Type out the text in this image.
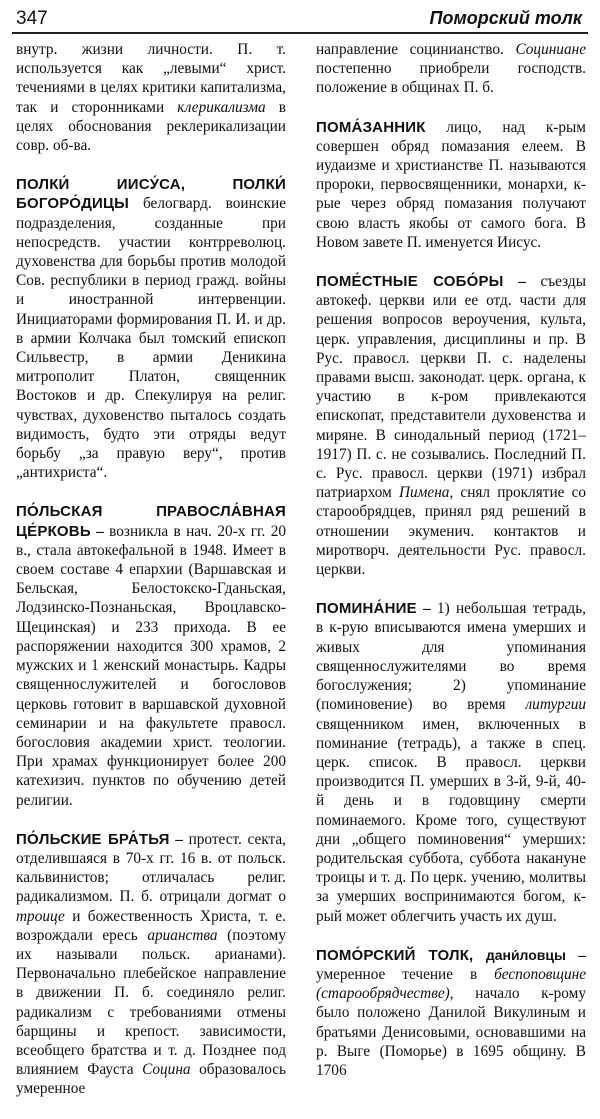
347	Поморский толк

внутр. жизни личности. П. т. используется как „левыми“ христ. течениями в целях критики капитализма, так и сторонниками клерикализма в целях обоснования реклерикализации совр. об-ва.

ПОЛКИ́ ИИСУ́СА, ПОЛКИ́ БОГОРО́ДИЦЫ белогвард. воинские подразделения, созданные при непосредств. участии контрреволюц. духовенства для борьбы против молодой Сов. республики в период гражд. войны и иностранной интервенции. Инициаторами формирования П. И. и др. в армии Колчака был томский епископ Сильвестр, в армии Деникина митрополит Платон, священник Востоков и др. Спекулируя на религ. чувствах, духовенство пыталось создать видимость, будто эти отряды ведут борьбу „за правую веру“, против „антихриста“.
ПО́ЛЬСКАЯ ПРАВОСЛА́ВНАЯ ЦЕ́РКОВЬ – возникла в нач. 20-х гг. 20 в., стала автокефальной в 1948. Имеет в своем составе 4 епархии (Варшавская и Бельская, Белостокско-Гданьская, Лодзинско-Познаньская, Вроцлавско-Щецинская) и 233 прихода. В ее распоряжении находится 300 храмов, 2 мужских и 1 женский монастырь. Кадры священнослужителей и богословов церковь готовит в варшавской духовной семинарии и на факультете правосл. богословия академии христ. теологии. При храмах функционирует более 200 катехизич. пунктов по обучению детей религии.
ПО́ЛЬСКИЕ БРА́ТЬЯ – протест. секта, отделившаяся в 70-х гг. 16 в. от польск. кальвинистов; отличалась религ. радикализмом. П. б. отрицали догмат о троице и божественность Христа, т. е. возрождали ересь арианства (поэтому их называли польск. арианами). Первоначально плебейское направление в движении П. б. соединяло религ. радикализм с требованиями отмены барщины и крепост. зависимости, всеобщего братства и т. д. Позднее под влиянием Фауста Социна образовалось умеренное

направление социнианство. Социниане постепенно приобрели господств. положение в общинах П. б.

ПОМА́ЗАННИК лицо, над к-рым совершен обряд помазания елеем. В иудаизме и христианстве П. называются пророки, первосвященники, монархи, к-рые через обряд помазания получают свою власть якобы от самого бога. В Новом завете П. именуется Иисус.
ПОМЕ́СТНЫЕ СОБО́РЫ – съезды автокеф. церкви или ее отд. части для решения вопросов вероучения, культа, церк. управления, дисциплины и пр. В Рус. правосл. церкви П. с. наделены правами высш. законодат. церк. органа, к участию в к-ром привлекаются епископат, представители духовенства и миряне. В синодальный период (1721–1917) П. с. не созывались. Последний П. с. Рус. правосл. церкви (1971) избрал патриархом Пимена, снял проклятие со старообрядцев, принял ряд решений в отношении экуменич. контактов и миротворч. деятельности Рус. правосл. церкви.
ПОМИНА́НИЕ – 1) небольшая тетрадь, в к-рую вписываются имена умерших и живых для упоминания священнослужителями во время богослужения; 2) упоминание (поминовение) во время литургии священником имен, включенных в поминание (тетрадь), а также в спец. церк. список. В правосл. церкви производится П. умерших в 3-й, 9-й, 40-й день и в годовщину смерти поминаемого. Кроме того, существуют дни „общего поминовения“ умерших: родительская суббота, суббота накануне троицы и т. д. По церк. учению, молитвы за умерших воспринимаются богом, к-рый может облегчить участь их душ.
ПОМО́РСКИЙ ТОЛК, дани́ловцы – умеренное течение в беспоповщине (старообрядчестве), начало к-рому было положено Данилой Викулиным и братьями Денисовыми, основавшими на р. Выге (Поморье) в 1695 общину. В 1706
